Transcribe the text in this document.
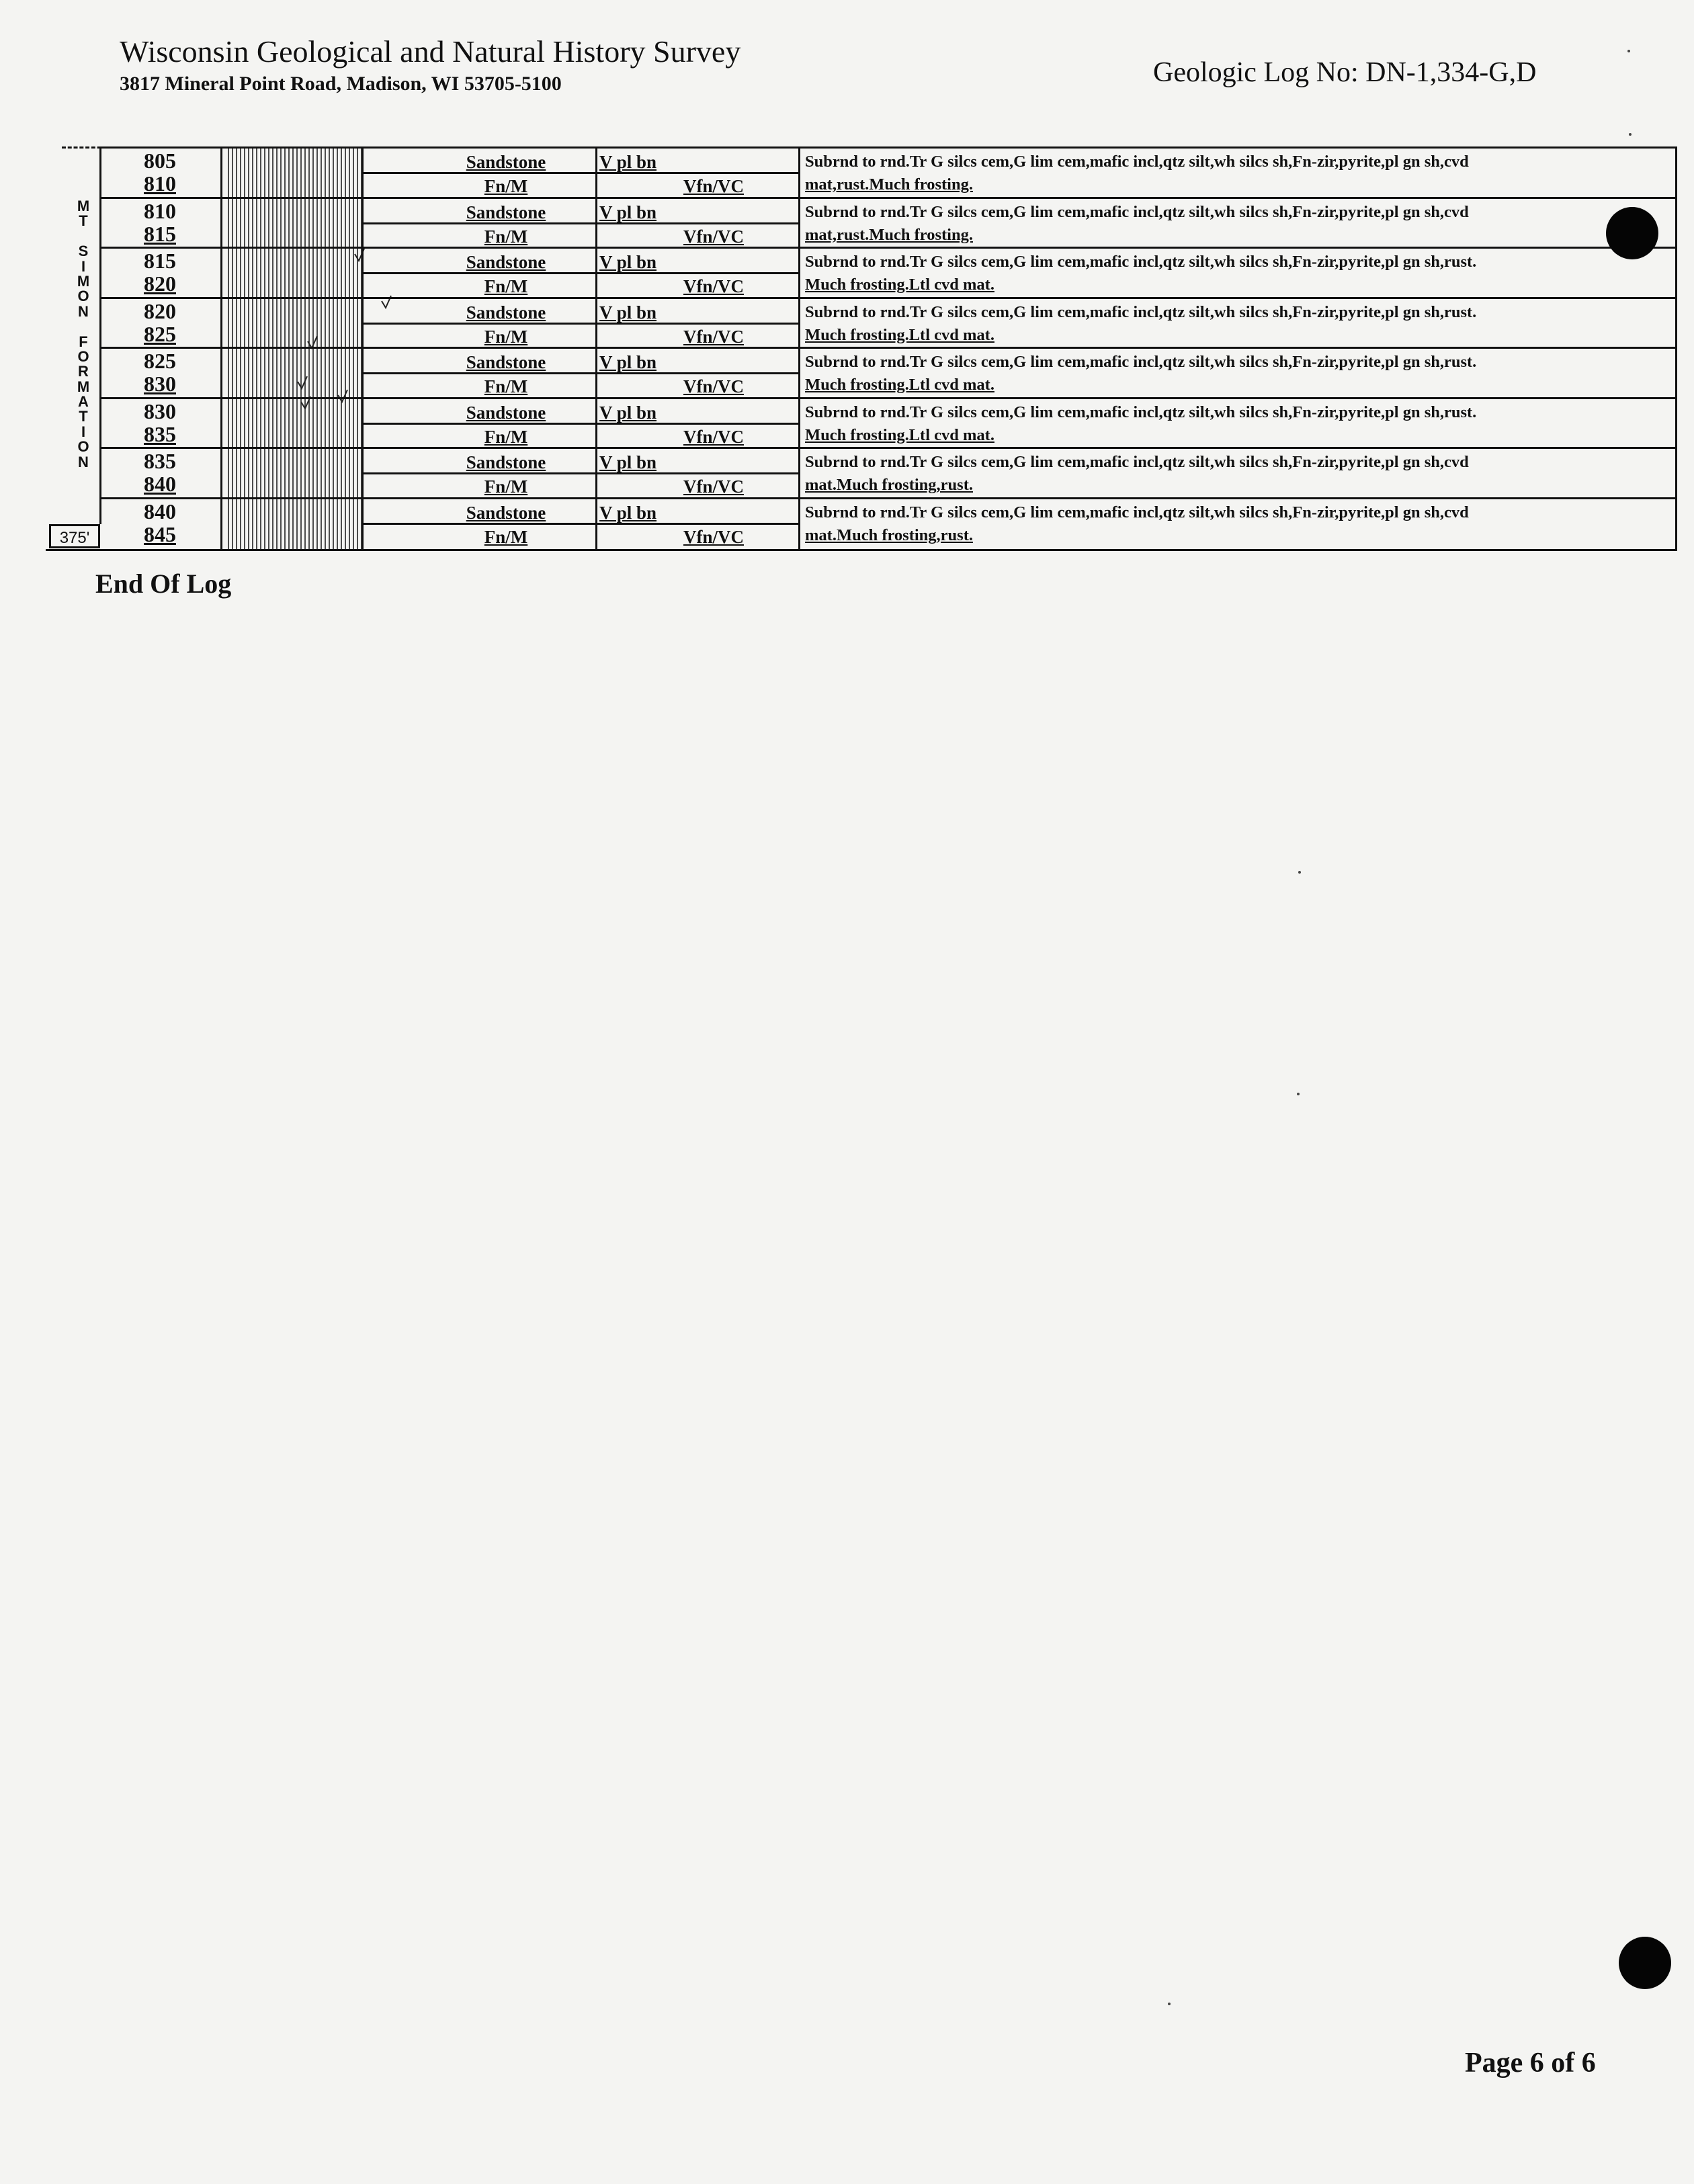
Wisconsin Geological and Natural History Survey
3817 Mineral Point Road, Madison, WI 53705-5100	Geologic Log No: DN-1,334-G,D
M
T
S
I
M
O
N
F
O
R
M
A
T
I
O
N
805
810
Sandstone
Fn/M
V pl bn
Vfn/VC
Subrnd to rnd.Tr G silcs cem,G lim cem,mafic incl,qtz silt,wh silcs sh,Fn-zir,pyrite,pl gn sh,cvd
mat,rust.Much frosting.
810
815
Sandstone
Fn/M
V pl bn
Vfn/VC
Subrnd to rnd.Tr G silcs cem,G lim cem,mafic incl,qtz silt,wh silcs sh,Fn-zir,pyrite,pl gn sh,cvd
mat,rust.Much frosting.
815
820
Sandstone
Fn/M
V pl bn
Vfn/VC
Subrnd to rnd.Tr G silcs cem,G lim cem,mafic incl,qtz silt,wh silcs sh,Fn-zir,pyrite,pl gn sh,rust.
Much frosting.Ltl cvd mat.
820
825
Sandstone
Fn/M
V pl bn
Vfn/VC
Subrnd to rnd.Tr G silcs cem,G lim cem,mafic incl,qtz silt,wh silcs sh,Fn-zir,pyrite,pl gn sh,rust.
Much frosting.Ltl cvd mat.
825
830
Sandstone
Fn/M
V pl bn
Vfn/VC
Subrnd to rnd.Tr G silcs cem,G lim cem,mafic incl,qtz silt,wh silcs sh,Fn-zir,pyrite,pl gn sh,rust.
Much frosting.Ltl cvd mat.
830
835
Sandstone
Fn/M
V pl bn
Vfn/VC
Subrnd to rnd.Tr G silcs cem,G lim cem,mafic incl,qtz silt,wh silcs sh,Fn-zir,pyrite,pl gn sh,rust.
Much frosting.Ltl cvd mat.
835
840
Sandstone
Fn/M
V pl bn
Vfn/VC
Subrnd to rnd.Tr G silcs cem,G lim cem,mafic incl,qtz silt,wh silcs sh,Fn-zir,pyrite,pl gn sh,cvd
mat.Much frosting,rust.
840
845
Sandstone
Fn/M
V pl bn
Vfn/VC
Subrnd to rnd.Tr G silcs cem,G lim cem,mafic incl,qtz silt,wh silcs sh,Fn-zir,pyrite,pl gn sh,cvd
mat.Much frosting,rust.
375'
End Of Log
Page 6 of 6
